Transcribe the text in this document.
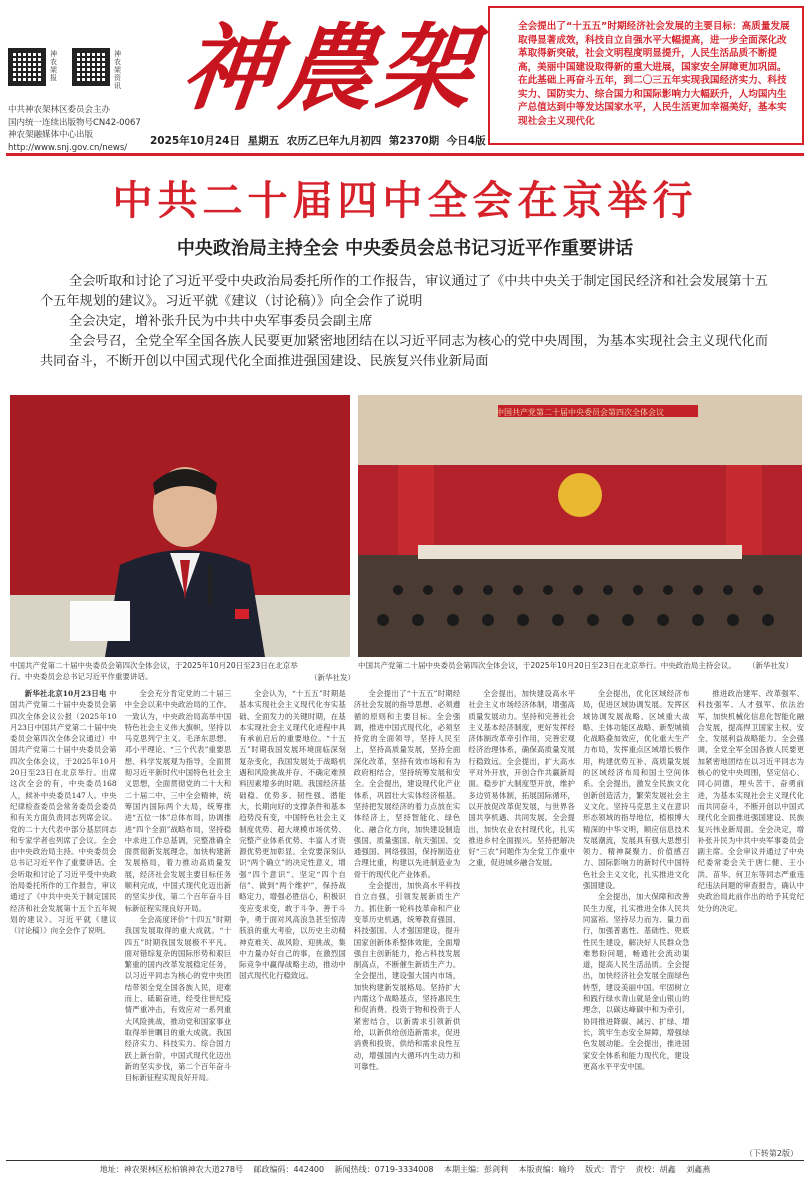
神农架报
神农架资讯
中共神农架林区委员会主办
国内统一连续出版物号CN42-0067
神农架融媒体中心出版
http://www.snj.gov.cn/news/
神農架
2025年10月24日 星期五 农历乙巳年九月初四 第2370期 今日4版

全会提出了“十五五”时期经济社会发展的主要目标：高质量发展取得显著成效，科技自立自强水平大幅提高，进一步全面深化改革取得新突破，社会文明程度明显提升，人民生活品质不断提高，美丽中国建设取得新的重大进展，国家安全屏障更加巩固。在此基础上再奋斗五年，到二〇三五年实现我国经济实力、科技实力、国防实力、综合国力和国际影响力大幅跃升，人均国内生产总值达到中等发达国家水平，人民生活更加幸福美好，基本实现社会主义现代化

中共二十届四中全会在京举行
中央政治局主持全会 中央委员会总书记习近平作重要讲话

全会听取和讨论了习近平受中央政治局委托所作的工作报告，审议通过了《中共中央关于制定国民经济和社会发展第十五个五年规划的建议》。习近平就《建议（讨论稿）》向全会作了说明

全会决定，增补张升民为中共中央军事委员会副主席

全会号召，全党全军全国各族人民要更加紧密地团结在以习近平同志为核心的党中央周围，为基本实现社会主义现代化而共同奋斗，不断开创以中国式现代化全面推进强国建设、民族复兴伟业新局面

中国共产党第二十届中央委员会第四次全体会议
中国共产党第二十届中央委员会第四次全体会议，于2025年10月20日至23日在北京举行。中央委员会总书记习近平作重要讲话。	（新华社发）
中国共产党第二十届中央委员会第四次全体会议，于2025年10月20日至23日在北京举行。中央政治局主持会议。	（新华社发）

新华社北京10月23日电 中国共产党第二十届中央委员会第四次全体会议公报（2025年10月23日中国共产党第二十届中央委员会第四次全体会议通过）中国共产党第二十届中央委员会第四次全体会议，于2025年10月20日至23日在北京举行。出席这次全会的有，中央委员168人，候补中央委员147人。中央纪律检查委员会常务委员会委员和有关方面负责同志列席会议。党的二十大代表中部分基层同志和专家学者也列席了会议。全会由中央政治局主持。中央委员会总书记习近平作了重要讲话。全会听取和讨论了习近平受中央政治局委托所作的工作报告，审议通过了《中共中央关于制定国民经济和社会发展第十五个五年规划的建议》。习近平就《建议（讨论稿）》向全会作了说明。

全会充分肯定党的二十届三中全会以来中央政治局的工作。一致认为，中央政治局高举中国特色社会主义伟大旗帜，坚持以马克思列宁主义、毛泽东思想、邓小平理论、“三个代表”重要思想、科学发展观为指导，全面贯彻习近平新时代中国特色社会主义思想，全面贯彻党的二十大和二十届二中、三中全会精神，统筹国内国际两个大局，统筹推进“五位一体”总体布局，协调推进“四个全面”战略布局，坚持稳中求进工作总基调，完整准确全面贯彻新发展理念，加快构建新发展格局，着力推动高质量发展，经济社会发展主要目标任务顺利完成，中国式现代化迈出新的坚实步伐，第二个百年奋斗目标新征程实现良好开局。

全会高度评价“十四五”时期我国发展取得的重大成就。“十四五”时期我国发展极不平凡。面对错综复杂的国际形势和艰巨繁重的国内改革发展稳定任务，以习近平同志为核心的党中央团结带领全党全国各族人民，迎难而上、砥砺奋进，经受住世纪疫情严重冲击，有效应对一系列重大风险挑战，推动党和国家事业取得举世瞩目的重大成就。我国经济实力、科技实力、综合国力跃上新台阶，中国式现代化迈出新的坚实步伐，第二个百年奋斗目标新征程实现良好开局。

全会认为，“十五五”时期是基本实现社会主义现代化夯实基础、全面发力的关键时期，在基本实现社会主义现代化进程中具有承前启后的重要地位。“十五五”时期我国发展环境面临深刻复杂变化，我国发展处于战略机遇和风险挑战并存、不确定难预料因素增多的时期。我国经济基础稳、优势多、韧性强、潜能大，长期向好的支撑条件和基本趋势没有变，中国特色社会主义制度优势、超大规模市场优势、完整产业体系优势、丰富人才资源优势更加彰显。全党要深刻认识“两个确立”的决定性意义，增强“四个意识”、坚定“四个自信”、做到“两个维护”，保持战略定力，增强必胜信心，积极识变应变求变，敢于斗争、善于斗争，勇于面对风高浪急甚至惊涛骇浪的重大考验，以历史主动精神克难关、战风险、迎挑战，集中力量办好自己的事，在激烈国际竞争中赢得战略主动，推动中国式现代化行稳致远。

全会提出了“十五五”时期经济社会发展的指导思想、必须遵循的原则和主要目标。全会强调，推进中国式现代化，必须坚持党的全面领导，坚持人民至上，坚持高质量发展，坚持全面深化改革，坚持有效市场和有为政府相结合，坚持统筹发展和安全。全会提出，建设现代化产业体系，巩固壮大实体经济根基。坚持把发展经济的着力点放在实体经济上，坚持智能化、绿色化、融合化方向，加快建设制造强国、质量强国、航天强国、交通强国、网络强国，保持制造业合理比重，构建以先进制造业为骨干的现代化产业体系。

全会提出，加快高水平科技自立自强，引领发展新质生产力。抓住新一轮科技革命和产业变革历史机遇，统筹教育强国、科技强国、人才强国建设，提升国家创新体系整体效能，全面增强自主创新能力，抢占科技发展制高点，不断催生新质生产力。全会提出，建设强大国内市场，加快构建新发展格局。坚持扩大内需这个战略基点，坚持惠民生和促消费、投资于物和投资于人紧密结合，以新需求引领新供给，以新供给创造新需求，促进消费和投资、供给和需求良性互动，增强国内大循环内生动力和可靠性。

全会提出，加快建设高水平社会主义市场经济体制，增强高质量发展动力。坚持和完善社会主义基本经济制度，更好发挥经济体制改革牵引作用，完善宏观经济治理体系，确保高质量发展行稳致远。全会提出，扩大高水平对外开放，开创合作共赢新局面。稳步扩大制度型开放，维护多边贸易体制，拓展国际循环，以开放促改革促发展，与世界各国共享机遇、共同发展。全会提出，加快农业农村现代化，扎实推进乡村全面振兴。坚持把解决好“三农”问题作为全党工作重中之重，促进城乡融合发展。

全会提出，优化区域经济布局，促进区域协调发展。发挥区域协调发展战略、区域重大战略、主体功能区战略、新型城镇化战略叠加效应，优化重大生产力布局，发挥重点区域增长极作用，构建优势互补、高质量发展的区域经济布局和国土空间体系。全会提出，激发全民族文化创新创造活力，繁荣发展社会主义文化。坚持马克思主义在意识形态领域的指导地位，植根博大精深的中华文明，顺应信息技术发展潮流，发展具有强大思想引领力、精神凝聚力、价值感召力、国际影响力的新时代中国特色社会主义文化，扎实推进文化强国建设。

全会提出，加大保障和改善民生力度，扎实推进全体人民共同富裕。坚持尽力而为、量力而行，加强普惠性、基础性、兜底性民生建设，解决好人民群众急难愁盼问题，畅通社会流动渠道，提高人民生活品质。全会提出，加快经济社会发展全面绿色转型，建设美丽中国。牢固树立和践行绿水青山就是金山银山的理念，以碳达峰碳中和为牵引，协同推进降碳、减污、扩绿、增长，筑牢生态安全屏障，增强绿色发展动能。全会提出，推进国家安全体系和能力现代化，建设更高水平平安中国。

推进政治建军、改革强军、科技强军、人才强军、依法治军，加快机械化信息化智能化融合发展，提高捍卫国家主权、安全、发展利益战略能力。全会强调，全党全军全国各族人民要更加紧密地团结在以习近平同志为核心的党中央周围，坚定信心、同心同德，埋头苦干、奋勇前进，为基本实现社会主义现代化而共同奋斗，不断开创以中国式现代化全面推进强国建设、民族复兴伟业新局面。全会决定，增补张升民为中共中央军事委员会副主席。全会审议并通过了中央纪委常委会关于唐仁健、王小洪、苗华、何卫东等同志严重违纪违法问题的审查报告，确认中央政治局此前作出的给予其党纪处分的决定。

（下转第2版）
地址：神农架林区松柏镇神农大道278号 邮政编码：442400 新闻热线：0719-3334008 本期主编：彭剑利 本版责编：喻玲 版式：青宁 责校：胡鑫 刘鑫燕
